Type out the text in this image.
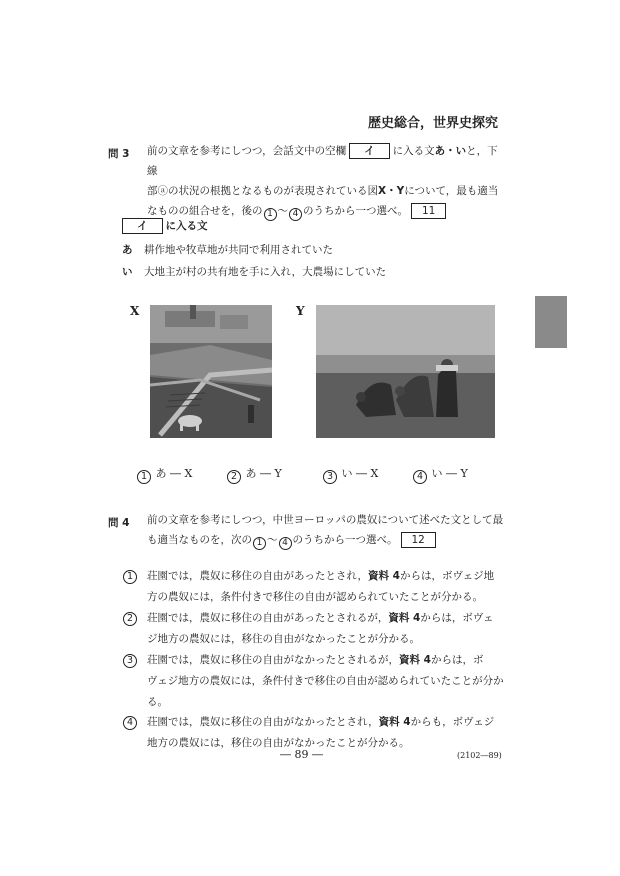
歴史総合，世界史探究
問 3 前の文章を参考にしつつ，会話文中の空欄 イ に入る文あ・いと，下線
部ⓐの状況の根拠となるものが表現されている図X・Yについて，最も適当
なものの組合せを，後の 1 ～ 4 のうちから一つ選べ。 11
イ に入る文
あ 耕作地や牧草地が共同で利用されていた
い 大地主が村の共有地を手に入れ，大農場にしていた
X	Y
1 あ ― X	2 あ ― Y	3 い ― X	4 い ― Y
問 4 前の文章を参考にしつつ，中世ヨーロッパの農奴について述べた文として最
も適当なものを，次の 1 ～ 4 のうちから一つ選べ。 12
1	荘園では，農奴に移住の自由があったとされ，資料 4からは，ボヴェジ地
方の農奴には，条件付きで移住の自由が認められていたことが分かる。
2	荘園では，農奴に移住の自由があったとされるが，資料 4からは，ボヴェ
ジ地方の農奴には，移住の自由がなかったことが分かる。
3	荘園では，農奴に移住の自由がなかったとされるが，資料 4からは，ボ
ヴェジ地方の農奴には，条件付きで移住の自由が認められていたことが分か
る。
4	荘園では，農奴に移住の自由がなかったとされ，資料 4からも，ボヴェジ
地方の農奴には，移住の自由がなかったことが分かる。
― 89 ―	(2102―89)
